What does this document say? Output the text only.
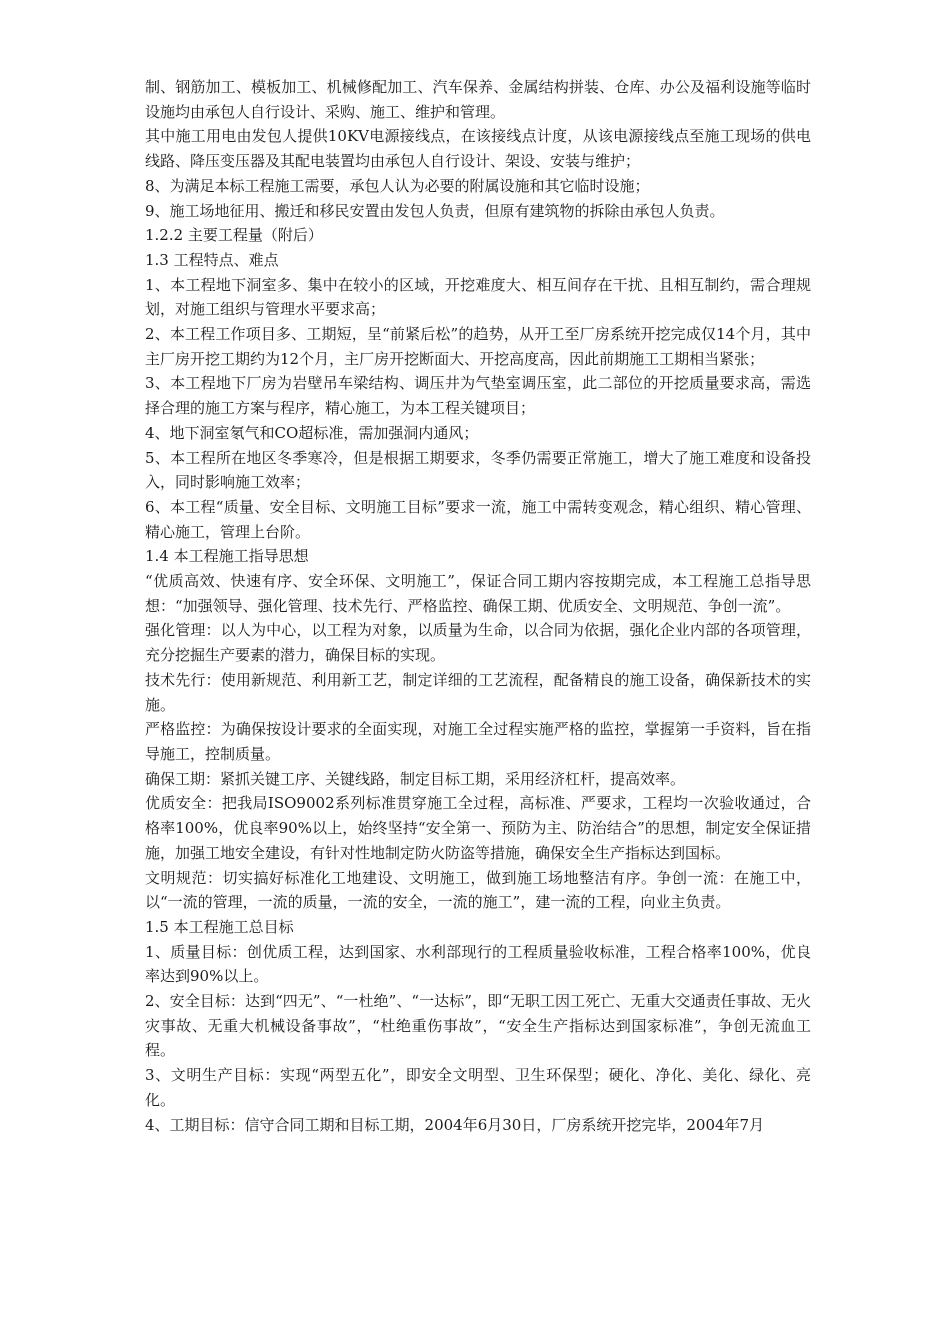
制、钢筋加工、模板加工、机械修配加工、汽车保养、金属结构拼装、仓库、办公及福利设施等临时设施均由承包人自行设计、采购、施工、维护和管理。

其中施工用电由发包人提供10KV电源接线点，在该接线点计度，从该电源接线点至施工现场的供电线路、降压变压器及其配电装置均由承包人自行设计、架设、安装与维护；

8、为满足本标工程施工需要，承包人认为必要的附属设施和其它临时设施；

9、施工场地征用、搬迁和移民安置由发包人负责，但原有建筑物的拆除由承包人负责。

1.2.2 主要工程量（附后）

1.3 工程特点、难点

1、本工程地下洞室多、集中在较小的区域，开挖难度大、相互间存在干扰、且相互制约，需合理规划，对施工组织与管理水平要求高；

2、本工程工作项目多、工期短，呈“前紧后松”的趋势，从开工至厂房系统开挖完成仅14个月，其中主厂房开挖工期约为12个月，主厂房开挖断面大、开挖高度高，因此前期施工工期相当紧张；

3、本工程地下厂房为岩壁吊车梁结构、调压井为气垫室调压室，此二部位的开挖质量要求高，需选择合理的施工方案与程序，精心施工，为本工程关键项目；

4、地下洞室氡气和CO超标准，需加强洞内通风；

5、本工程所在地区冬季寒冷，但是根据工期要求，冬季仍需要正常施工，增大了施工难度和设备投入，同时影响施工效率；

6、本工程“质量、安全目标、文明施工目标”要求一流，施工中需转变观念，精心组织、精心管理、精心施工，管理上台阶。

1.4 本工程施工指导思想

“优质高效、快速有序、安全环保、文明施工”，保证合同工期内容按期完成，本工程施工总指导思想：“加强领导、强化管理、技术先行、严格监控、确保工期、优质安全、文明规范、争创一流”。

强化管理：以人为中心，以工程为对象，以质量为生命，以合同为依据，强化企业内部的各项管理，充分挖掘生产要素的潜力，确保目标的实现。

技术先行：使用新规范、利用新工艺，制定详细的工艺流程，配备精良的施工设备，确保新技术的实施。

严格监控：为确保按设计要求的全面实现，对施工全过程实施严格的监控，掌握第一手资料，旨在指导施工，控制质量。

确保工期：紧抓关键工序、关键线路，制定目标工期，采用经济杠杆，提高效率。

优质安全：把我局ISO9002系列标准贯穿施工全过程，高标准、严要求，工程均一次验收通过，合格率100%，优良率90%以上，始终坚持“安全第一、预防为主、防治结合”的思想，制定安全保证措施，加强工地安全建设，有针对性地制定防火防盗等措施，确保安全生产指标达到国标。

文明规范：切实搞好标准化工地建设、文明施工，做到施工场地整洁有序。争创一流：在施工中，以“一流的管理，一流的质量，一流的安全，一流的施工”，建一流的工程，向业主负责。

1.5 本工程施工总目标

1、质量目标：创优质工程，达到国家、水利部现行的工程质量验收标准，工程合格率100%，优良率达到90%以上。

2、安全目标：达到“四无”、“一杜绝”、“一达标”，即“无职工因工死亡、无重大交通责任事故、无火灾事故、无重大机械设备事故”，“杜绝重伤事故”，“安全生产指标达到国家标准”，争创无流血工程。

3、文明生产目标：实现“两型五化”，即安全文明型、卫生环保型；硬化、净化、美化、绿化、亮化。

4、工期目标：信守合同工期和目标工期，2004年6月30日，厂房系统开挖完毕，2004年7月
